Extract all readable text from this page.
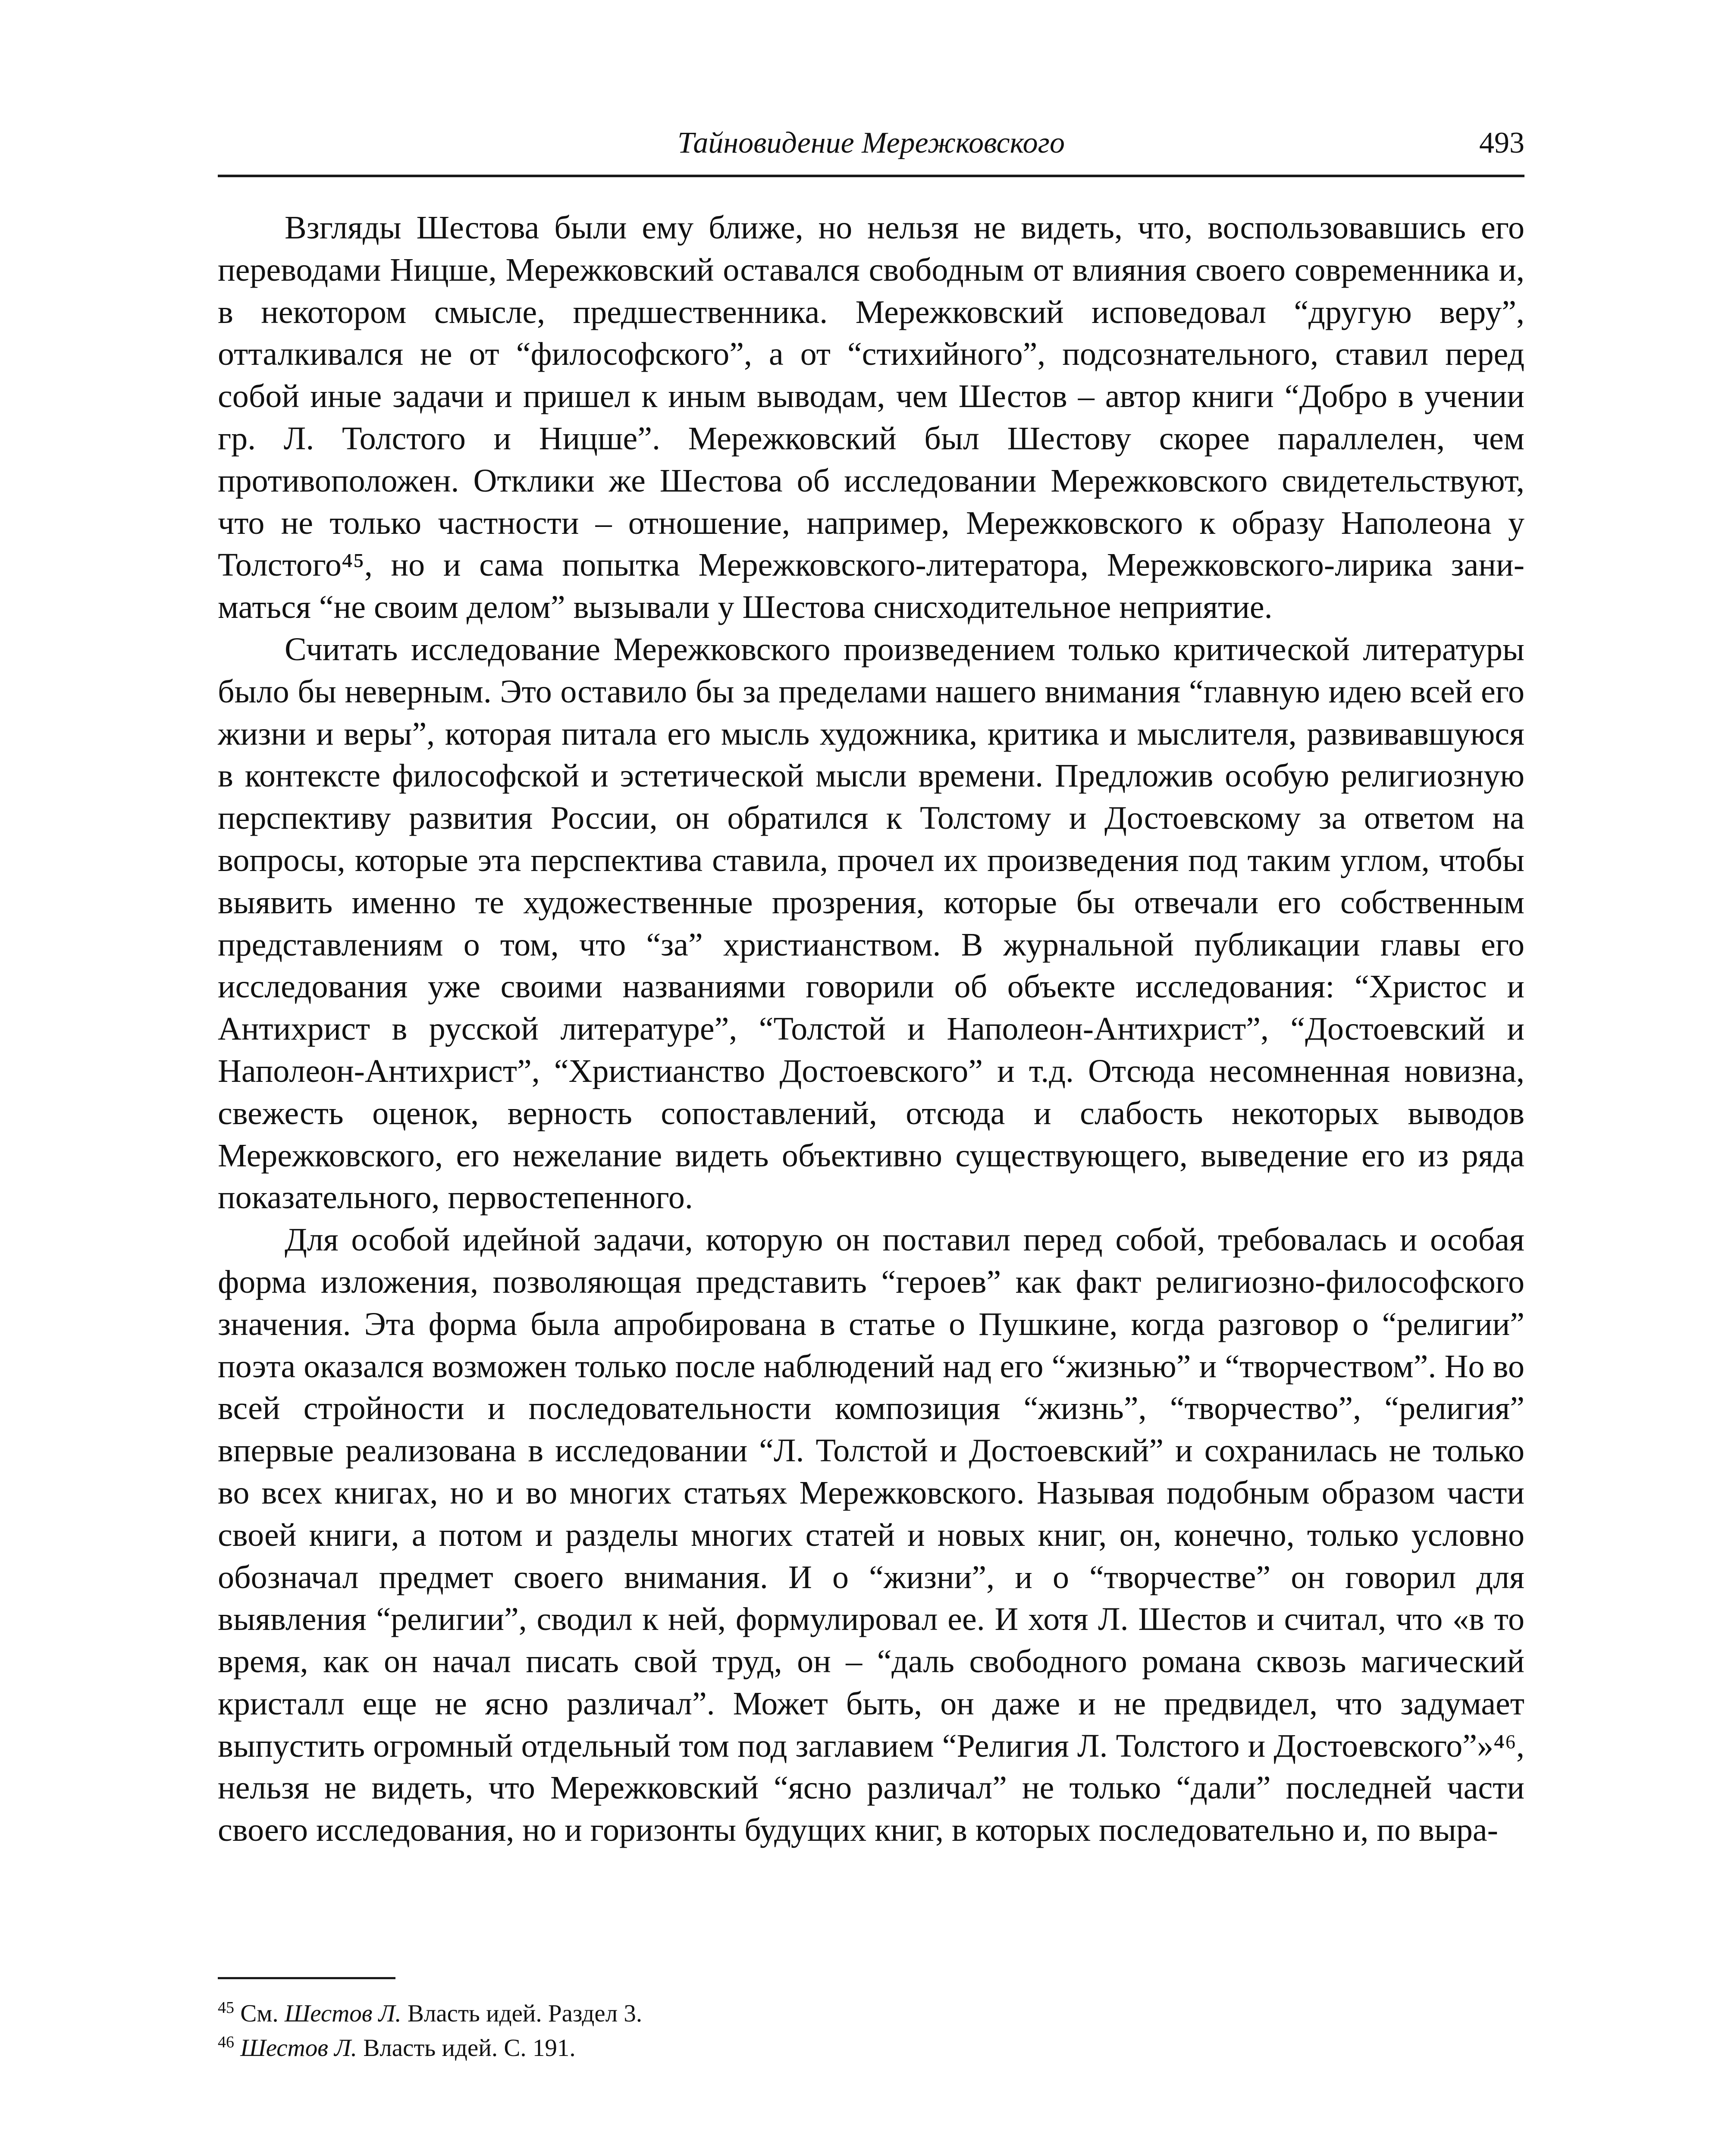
Тайновидение Мережковского	493

Взгляды Шестова были ему ближе, но нельзя не видеть, что, воспользовавшись его переводами Ницше, Мережковский оставался свободным от влияния своего современника и, в некотором смысле, предшественника. Мережковский исповедовал “другую веру”, отталкивался не от “философского”, а от “стихийного”, подсознательного, ставил перед собой иные задачи и пришел к иным выводам, чем Шестов – автор книги “Добро в учении гр. Л. Толстого и Ницше”. Мережковский был Шестову скорее параллелен, чем противоположен. Отклики же Шестова об исследовании Мережковского свидетельствуют, что не только частности – отношение, например, Мережковского к образу Наполеона у Толстого⁴⁵, но и сама попытка Мережковского-литератора, Мережковского-лирика заниматься “не своим делом” вызывали у Шестова снисходительное неприятие.

Считать исследование Мережковского произведением только критической литературы было бы неверным. Это оставило бы за пределами нашего внимания “главную идею всей его жизни и веры”, которая питала его мысль художника, критика и мыслителя, развивавшуюся в контексте философской и эстетической мысли времени. Предложив особую религиозную перспективу развития России, он обратился к Толстому и Достоевскому за ответом на вопросы, которые эта перспектива ставила, прочел их произведения под таким углом, чтобы выявить именно те художественные прозрения, которые бы отвечали его собственным представлениям о том, что “за” христианством. В журнальной публикации главы его исследования уже своими названиями говорили об объекте исследования: “Христос и Антихрист в русской литературе”, “Толстой и Наполеон-Антихрист”, “Достоевский и Наполеон-Антихрист”, “Христианство Достоевского” и т.д. Отсюда несомненная новизна, свежесть оценок, верность сопоставлений, отсюда и слабость некоторых выводов Мережковского, его нежелание видеть объективно существующего, выведение его из ряда показательного, первостепенного.

Для особой идейной задачи, которую он поставил перед собой, требовалась и особая форма изложения, позволяющая представить “героев” как факт религиозно-философского значения. Эта форма была апробирована в статье о Пушкине, когда разговор о “религии” поэта оказался возможен только после наблюдений над его “жизнью” и “творчеством”. Но во всей стройности и последовательности композиция “жизнь”, “творчество”, “религия” впервые реализована в исследовании “Л. Толстой и Достоевский” и сохранилась не только во всех книгах, но и во многих статьях Мережковского. Называя подобным образом части своей книги, а потом и разделы многих статей и новых книг, он, конечно, только условно обозначал предмет своего внимания. И о “жизни”, и о “творчестве” он говорил для выявления “религии”, сводил к ней, формулировал ее. И хотя Л. Шестов и считал, что «в то время, как он начал писать свой труд, он – “даль свободного романа сквозь магический кристалл еще не ясно различал”. Может быть, он даже и не предвидел, что задумает выпустить огромный отдельный том под заглавием “Религия Л. Толстого и Достоевского”»⁴⁶, нельзя не видеть, что Мережковский “ясно различал” не только “дали” последней части своего исследования, но и горизонты будущих книг, в которых последовательно и, по выра-

$^{45}$ См. Шестов Л. Власть идей. Раздел 3.
$^{46}$ Шестов Л. Власть идей. С. 191.
